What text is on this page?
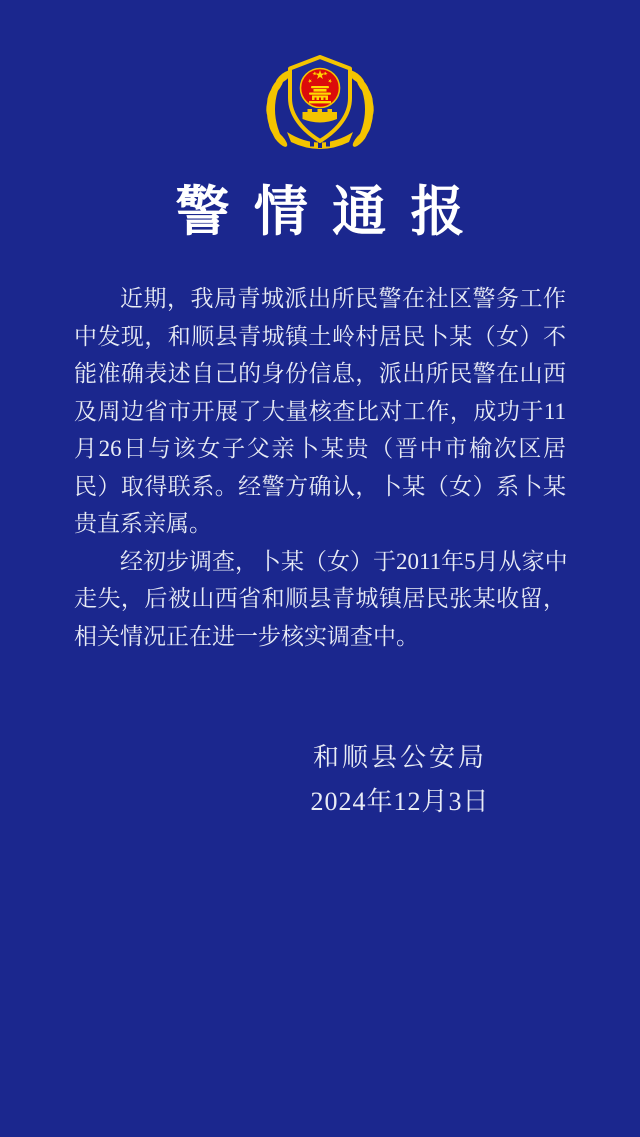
警情通报
近期，我局青城派出所民警在社区警务工作
中发现，和顺县青城镇土岭村居民卜某（女）不
能准确表述自己的身份信息，派出所民警在山西
及周边省市开展了大量核查比对工作，成功于11
月26日与该女子父亲卜某贵（晋中市榆次区居
民）取得联系。经警方确认，卜某（女）系卜某
贵直系亲属。
经初步调查，卜某（女）于2011年5月从家中
走失，后被山西省和顺县青城镇居民张某收留，
相关情况正在进一步核实调查中。
和顺县公安局
2024年12月3日
